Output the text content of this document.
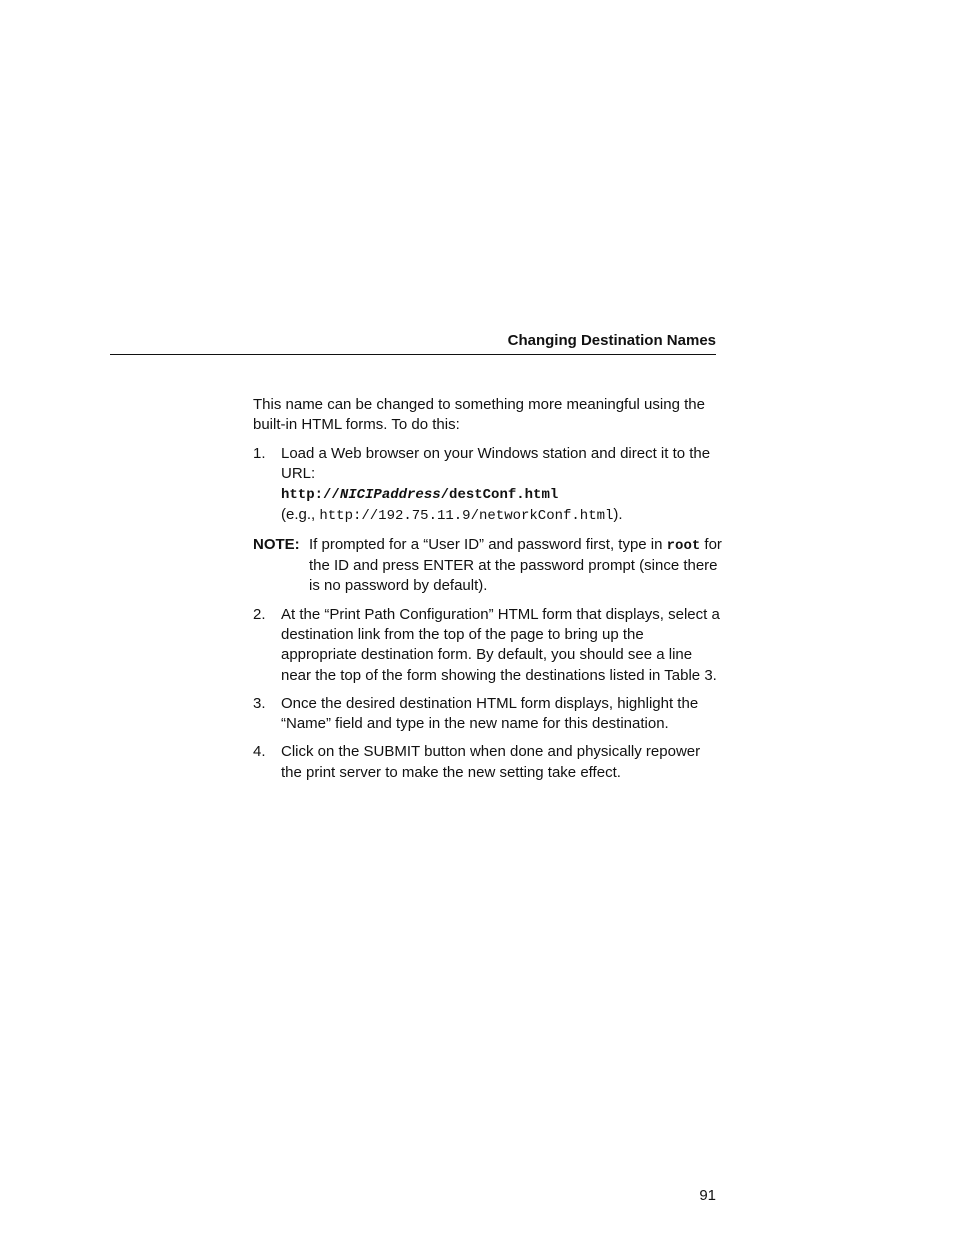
Changing Destination Names

This name can be changed to something more meaningful using the built-in HTML forms. To do this:

1.	Load a Web browser on your Windows station and direct it to the URL:
http://NICIPaddress/destConf.html
(e.g., http://192.75.11.9/networkConf.html).
NOTE: If prompted for a “User ID” and password first, type in root for the ID and press ENTER at the password prompt (since there is no password by default).
2.	At the “Print Path Configuration” HTML form that displays, select a destination link from the top of the page to bring up the appropriate destination form. By default, you should see a line near the top of the form showing the destinations listed in Table 3.
3.	Once the desired destination HTML form displays, highlight the “Name” field and type in the new name for this destination.
4.	Click on the SUBMIT button when done and physically repower the print server to make the new setting take effect.
91
